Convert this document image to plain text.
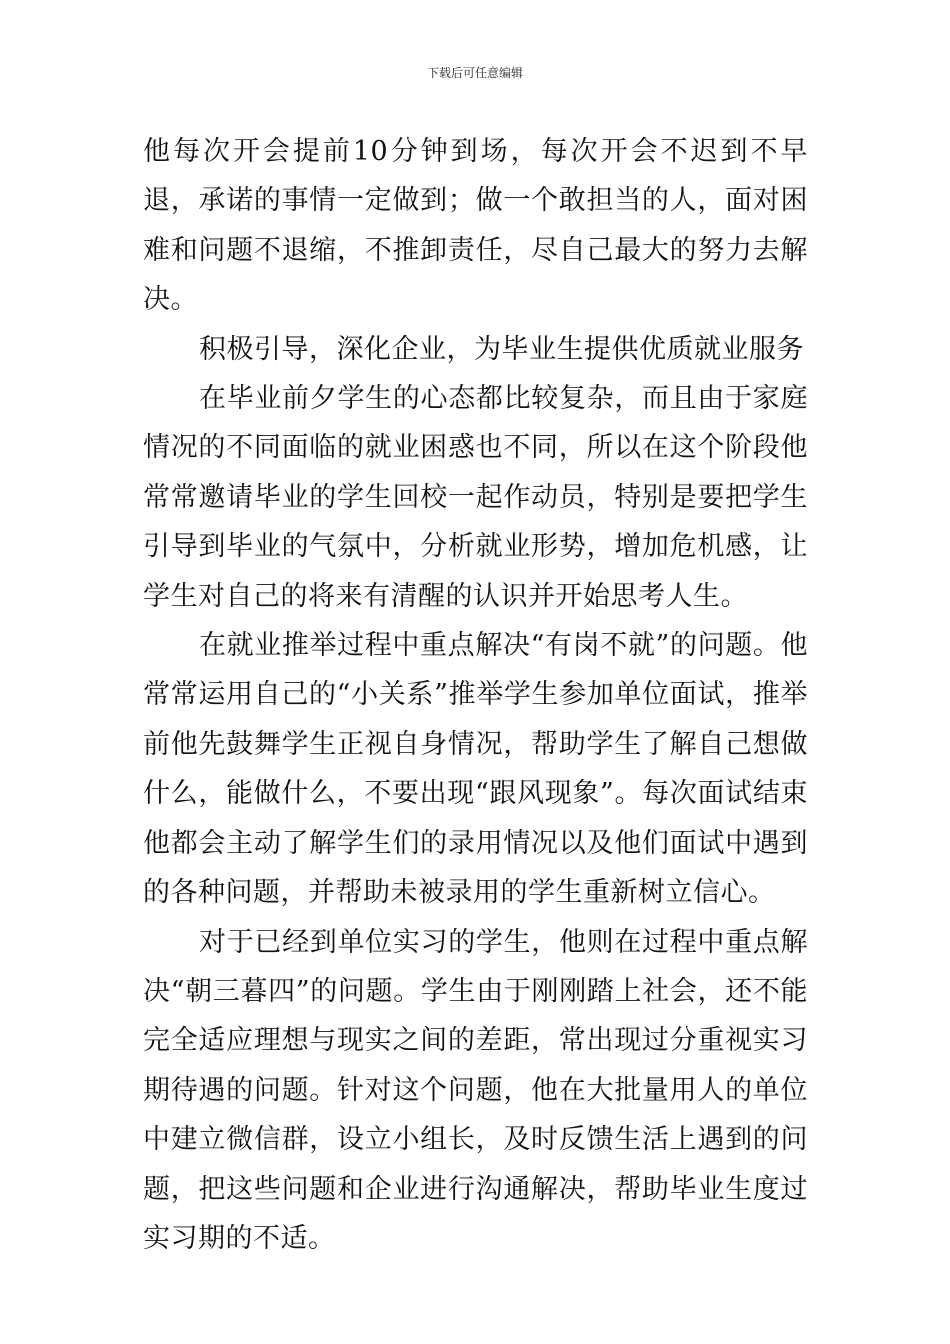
下载后可任意编辑

他每次开会提前10分钟到场，每次开会不迟到不早退，承诺的事情一定做到；做一个敢担当的人，面对困难和问题不退缩，不推卸责任，尽自己最大的努力去解决。

积极引导，深化企业，为毕业生提供优质就业服务

在毕业前夕学生的心态都比较复杂，而且由于家庭情况的不同面临的就业困惑也不同，所以在这个阶段他常常邀请毕业的学生回校一起作动员，特别是要把学生引导到毕业的气氛中，分析就业形势，增加危机感，让学生对自己的将来有清醒的认识并开始思考人生。

在就业推举过程中重点解决“有岗不就”的问题。他常常运用自己的“小关系”推举学生参加单位面试，推举前他先鼓舞学生正视自身情况，帮助学生了解自己想做什么，能做什么，不要出现“跟风现象”。每次面试结束他都会主动了解学生们的录用情况以及他们面试中遇到的各种问题，并帮助未被录用的学生重新树立信心。

对于已经到单位实习的学生，他则在过程中重点解决“朝三暮四”的问题。学生由于刚刚踏上社会，还不能完全适应理想与现实之间的差距，常出现过分重视实习期待遇的问题。针对这个问题，他在大批量用人的单位中建立微信群，设立小组长，及时反馈生活上遇到的问题，把这些问题和企业进行沟通解决，帮助毕业生度过实习期的不适。
